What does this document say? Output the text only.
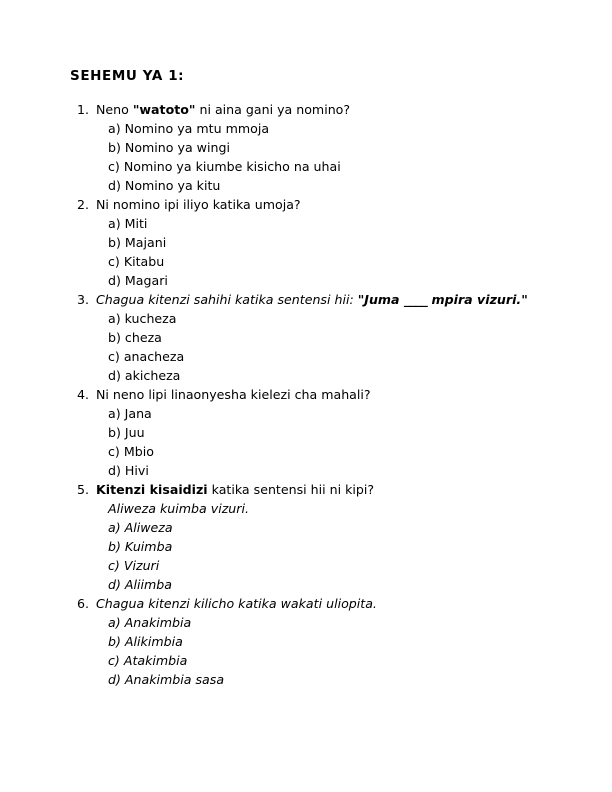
SEHEMU YA 1:
1. Neno "watoto" ni aina gani ya nomino?
a) Nomino ya mtu mmoja
b) Nomino ya wingi
c) Nomino ya kiumbe kisicho na uhai
d) Nomino ya kitu
2. Ni nomino ipi iliyo katika umoja?
a) Miti
b) Majani
c) Kitabu
d) Magari
3. Chagua kitenzi sahihi katika sentensi hii: "Juma ____ mpira vizuri."
a) kucheza
b) cheza
c) anacheza
d) akicheza
4. Ni neno lipi linaonyesha kielezi cha mahali?
a) Jana
b) Juu
c) Mbio
d) Hivi
5. Kitenzi kisaidizi katika sentensi hii ni kipi?
Aliweza kuimba vizuri.
a) Aliweza
b) Kuimba
c) Vizuri
d) Aliimba
6. Chagua kitenzi kilicho katika wakati uliopita.
a) Anakimbia
b) Alikimbia
c) Atakimbia
d) Anakimbia sasa
